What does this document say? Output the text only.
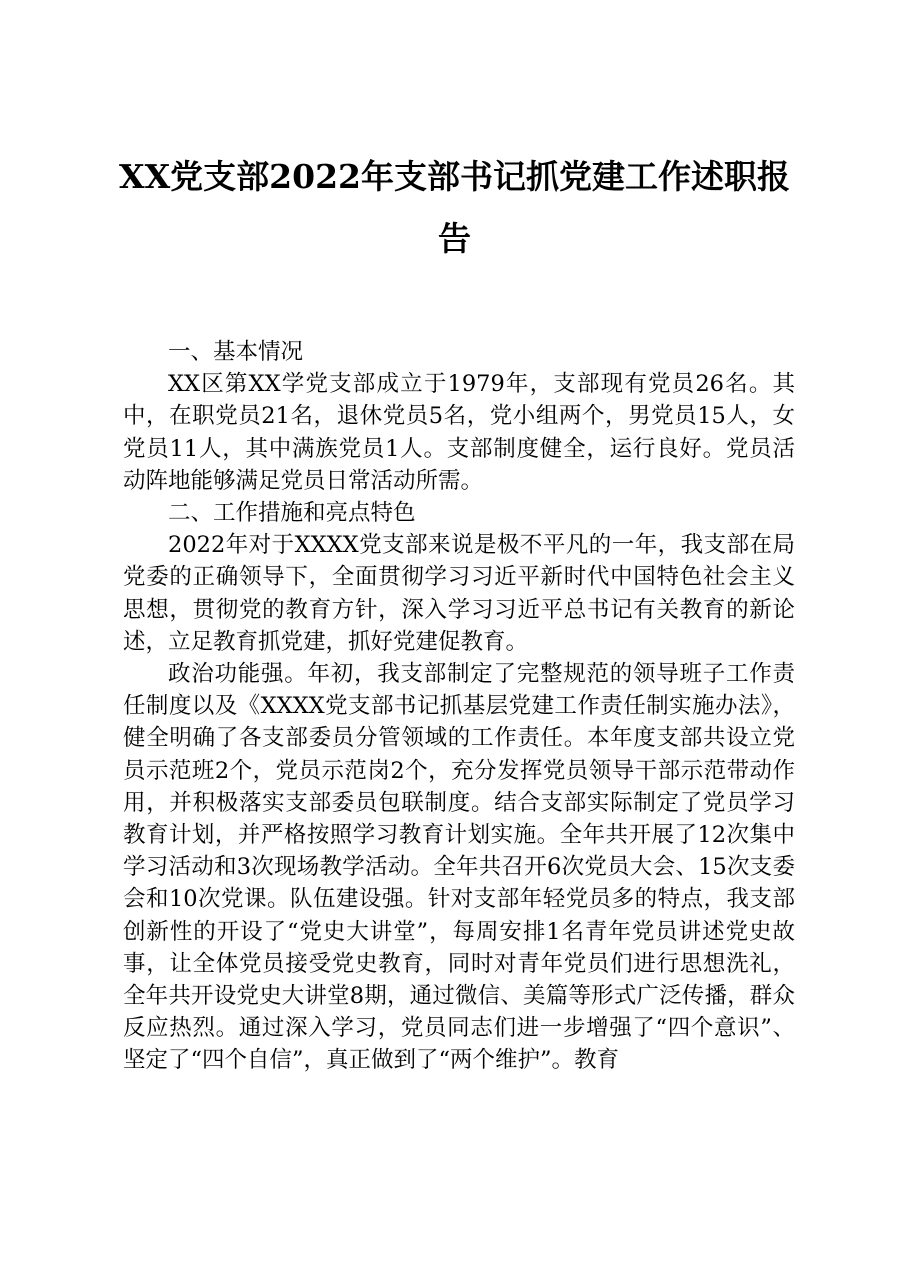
XX党支部2022年支部书记抓党建工作述职报告

一、基本情况

XX区第XX学党支部成立于1979年，支部现有党员26名。其中，在职党员21名，退休党员5名，党小组两个，男党员15人，女党员11人，其中满族党员1人。支部制度健全，运行良好。党员活动阵地能够满足党员日常活动所需。

二、工作措施和亮点特色

2022年对于XXXX党支部来说是极不平凡的一年，我支部在局党委的正确领导下，全面贯彻学习习近平新时代中国特色社会主义思想，贯彻党的教育方针，深入学习习近平总书记有关教育的新论述，立足教育抓党建，抓好党建促教育。

政治功能强。年初，我支部制定了完整规范的领导班子工作责任制度以及《XXXX党支部书记抓基层党建工作责任制实施办法》，健全明确了各支部委员分管领域的工作责任。本年度支部共设立党员示范班2个，党员示范岗2个，充分发挥党员领导干部示范带动作用，并积极落实支部委员包联制度。结合支部实际制定了党员学习教育计划，并严格按照学习教育计划实施。全年共开展了12次集中学习活动和3次现场教学活动。全年共召开6次党员大会、15次支委会和10次党课。队伍建设强。针对支部年轻党员多的特点，我支部创新性的开设了“党史大讲堂”，每周安排1名青年党员讲述党史故事，让全体党员接受党史教育，同时对青年党员们进行思想洗礼，全年共开设党史大讲堂8期，通过微信、美篇等形式广泛传播，群众反应热烈。通过深入学习，党员同志们进一步增强了“四个意识”、坚定了“四个自信”，真正做到了“两个维护”。教育
